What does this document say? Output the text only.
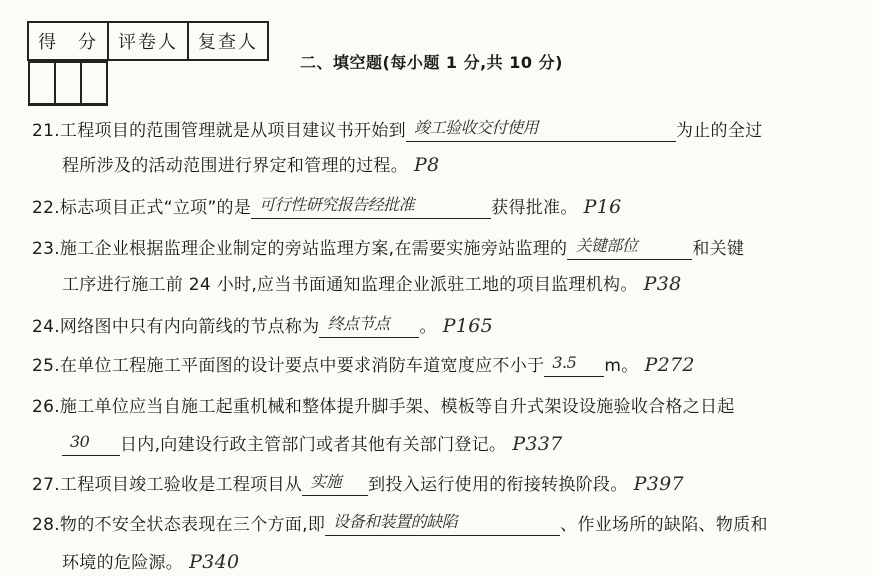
得　分	评卷人	复查人

二、填空题(每小题 1 分,共 10 分)
21.工程项目的范围管理就是从项目建议书开始到 竣工验收交付使用	为止的全过
程所涉及的活动范围进行界定和管理的过程。 P8
22.标志项目正式“立项”的是 可行性研究报告经批准	获得批准。 P16
23.施工企业根据监理企业制定的旁站监理方案,在需要实施旁站监理的 关键部位	和关键
工序进行施工前 24 小时,应当书面通知监理企业派驻工地的项目监理机构。 P38
24.网络图中只有内向箭线的节点称为 终点节点 。 P165
25.在单位工程施工平面图的设计要点中要求消防车道宽度应不小于 3.5 m。 P272
26.施工单位应当自施工起重机械和整体提升脚手架、模板等自升式架设设施验收合格之日起
30 日内,向建设行政主管部门或者其他有关部门登记。 P337
27.工程项目竣工验收是工程项目从 实施 到投入运行使用的衔接转换阶段。 P397
28.物的不安全状态表现在三个方面,即 设备和装置的缺陷	、作业场所的缺陷、物质和
环境的危险源。 P340
